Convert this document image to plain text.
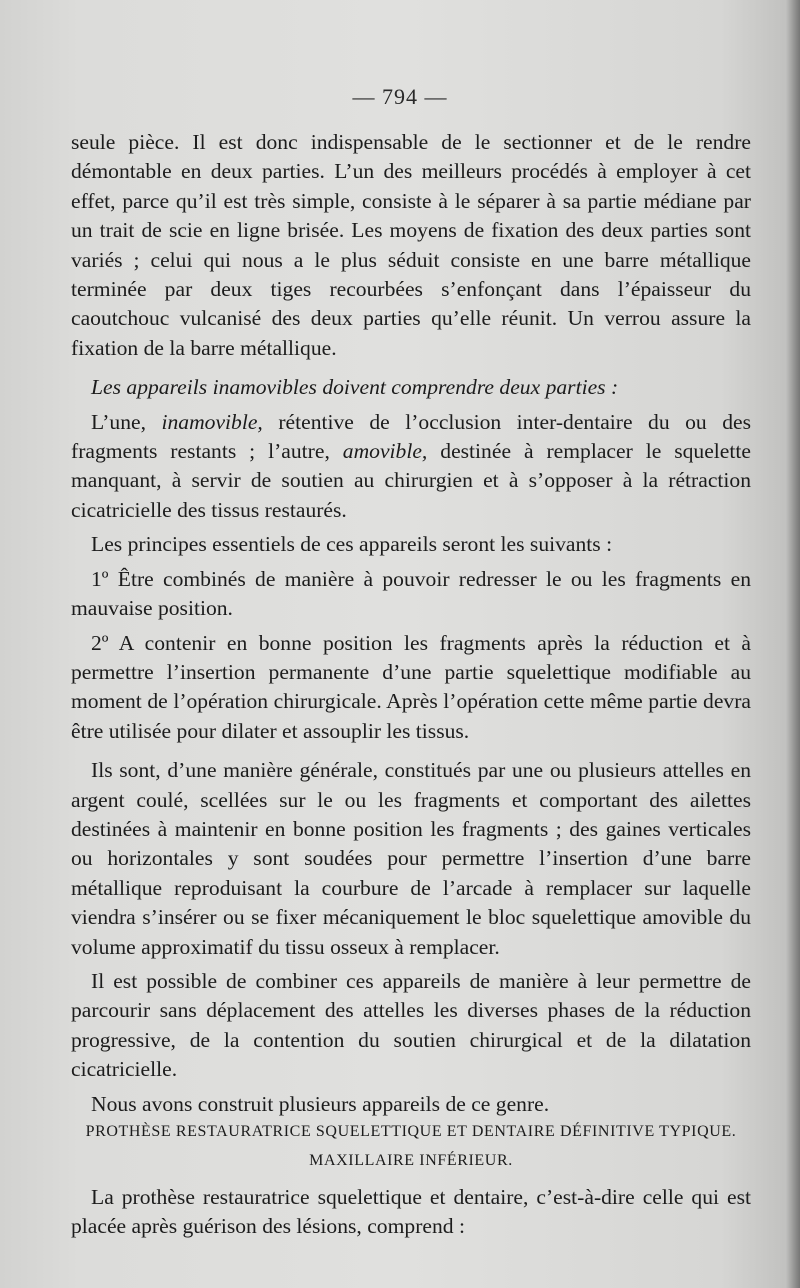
— 794 —

seule pièce. Il est donc indispensable de le sectionner et de le rendre démontable en deux parties. L’un des meilleurs procédés à employer à cet effet, parce qu’il est très simple, consiste à le séparer à sa partie médiane par un trait de scie en ligne brisée. Les moyens de fixation des deux parties sont variés ; celui qui nous a le plus séduit consiste en une barre métallique terminée par deux tiges recourbées s’enfonçant dans l’épaisseur du caoutchouc vulcanisé des deux parties qu’elle réunit. Un verrou assure la fixation de la barre métallique.

Les appareils inamovibles doivent comprendre deux parties :

L’une, inamovible, rétentive de l’occlusion inter-dentaire du ou des fragments restants ; l’autre, amovible, destinée à remplacer le squelette manquant, à servir de soutien au chirurgien et à s’opposer à la rétraction cicatricielle des tissus restaurés.

Les principes essentiels de ces appareils seront les suivants :

1º Être combinés de manière à pouvoir redresser le ou les fragments en mauvaise position.

2º A contenir en bonne position les fragments après la réduction et à permettre l’insertion permanente d’une partie squelettique modifiable au moment de l’opération chirurgicale. Après l’opération cette même partie devra être utilisée pour dilater et assouplir les tissus.

Ils sont, d’une manière générale, constitués par une ou plusieurs attelles en argent coulé, scellées sur le ou les fragments et comportant des ailettes destinées à maintenir en bonne position les fragments ; des gaines verticales ou horizontales y sont soudées pour permettre l’insertion d’une barre métallique reproduisant la courbure de l’arcade à remplacer sur laquelle viendra s’insérer ou se fixer mécaniquement le bloc squelettique amovible du volume approximatif du tissu osseux à remplacer.

Il est possible de combiner ces appareils de manière à leur permettre de parcourir sans déplacement des attelles les diverses phases de la réduction progressive, de la contention du soutien chirurgical et de la dilatation cicatricielle.

Nous avons construit plusieurs appareils de ce genre.

PROTHÈSE RESTAURATRICE SQUELETTIQUE ET DENTAIRE DÉFINITIVE TYPIQUE.
MAXILLAIRE INFÉRIEUR.

La prothèse restauratrice squelettique et dentaire, c’est-à-dire celle qui est placée après guérison des lésions, comprend :
